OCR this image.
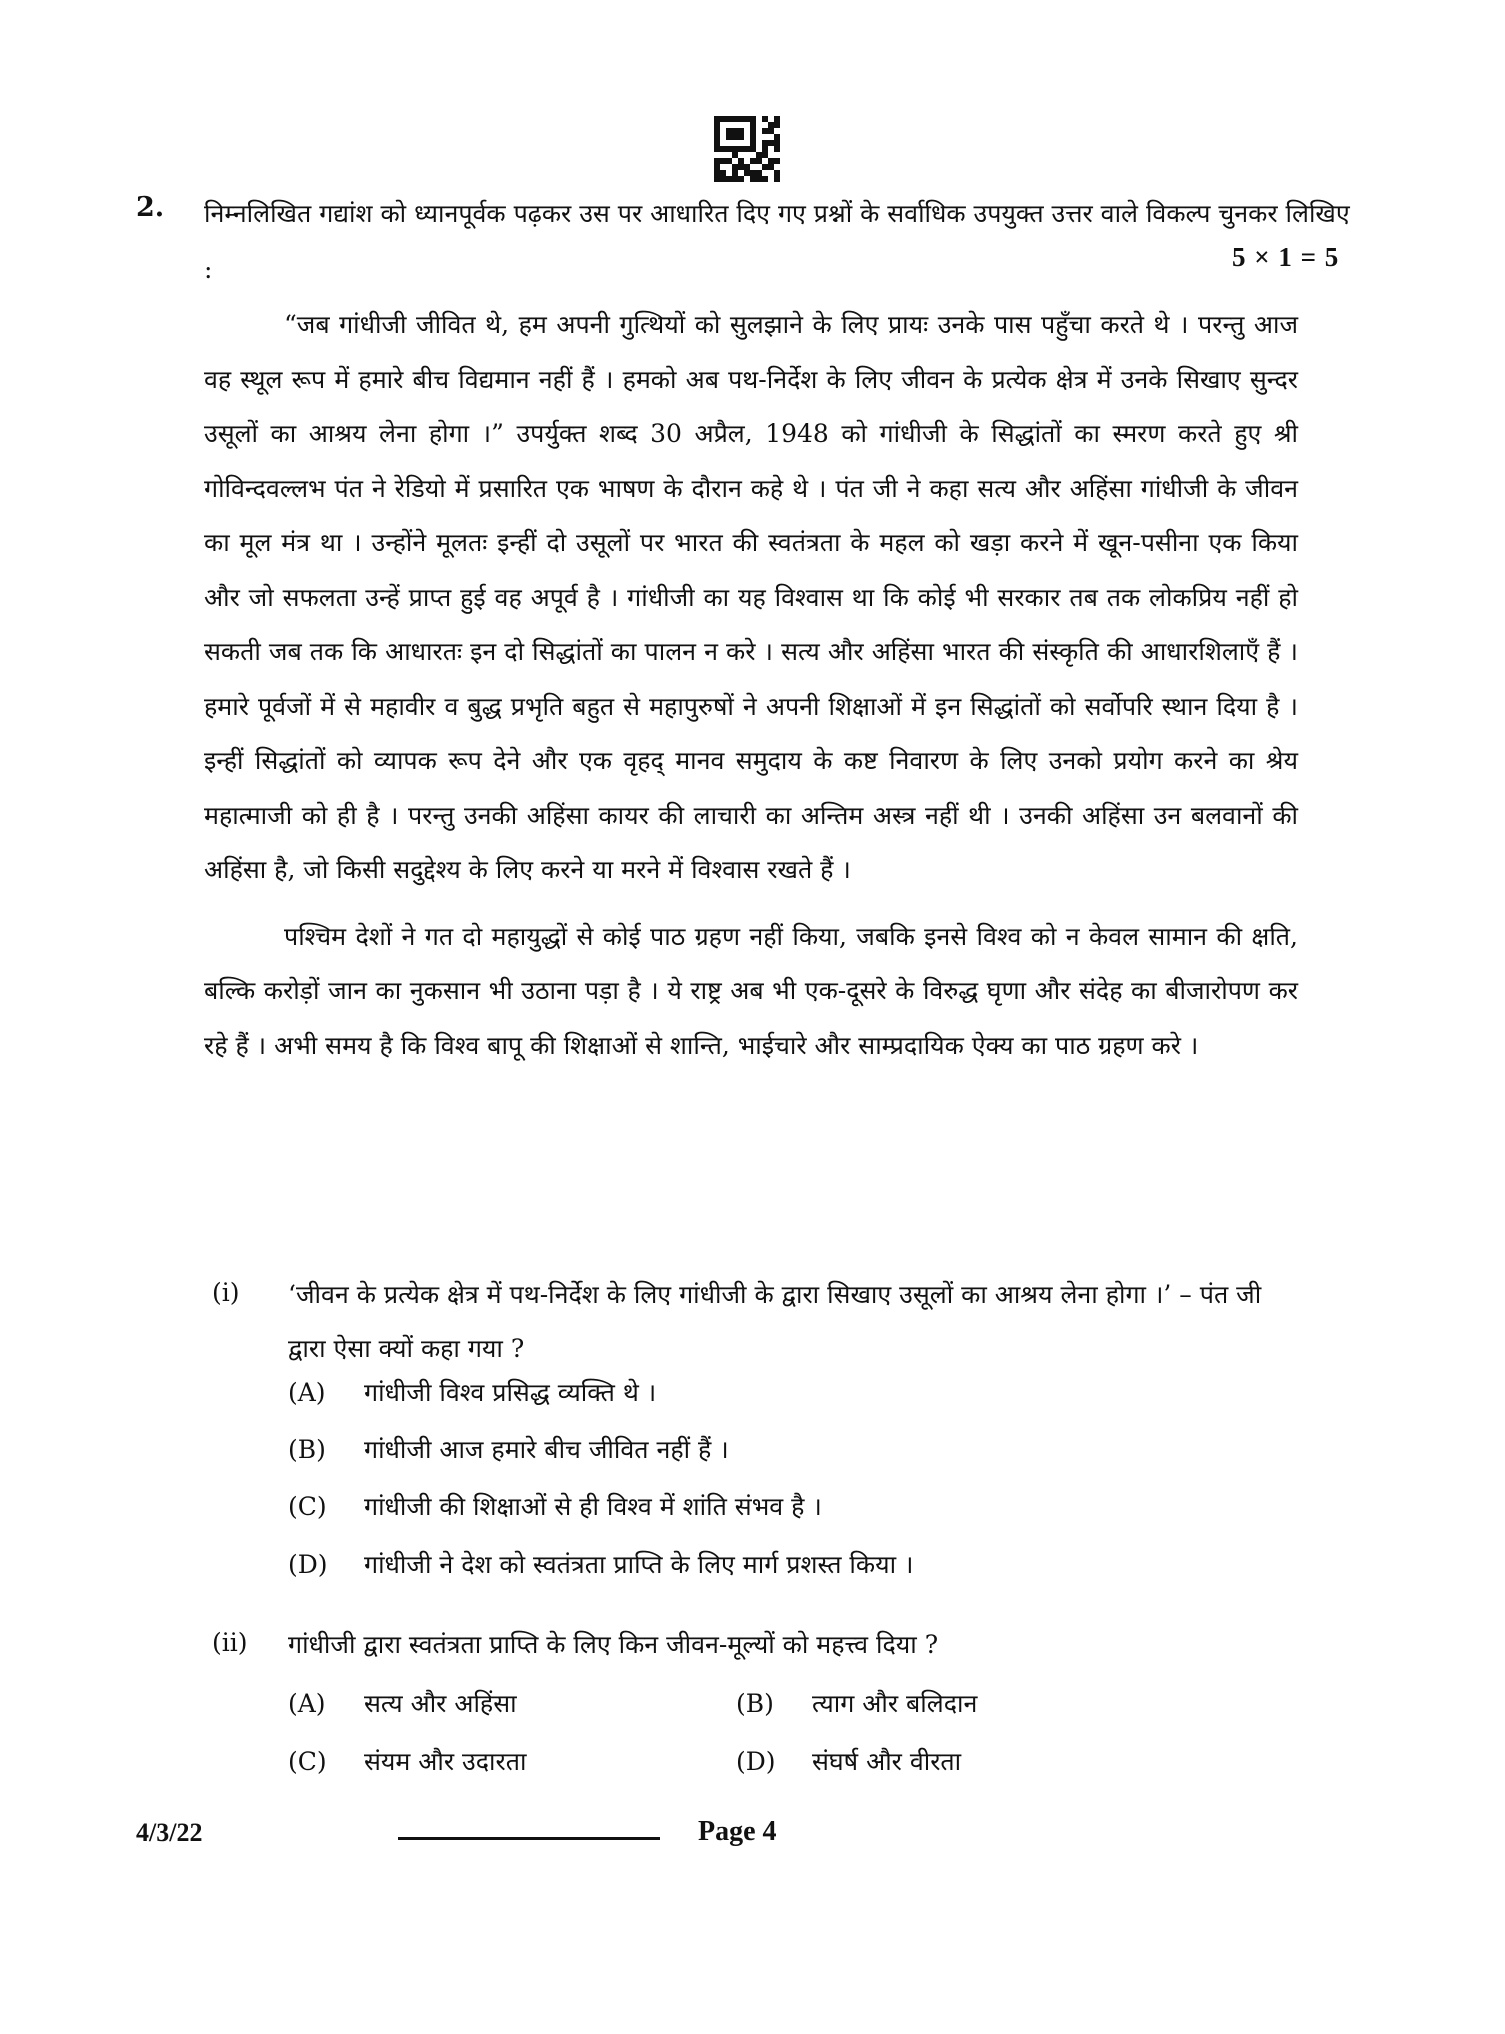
2. निम्नलिखित गद्यांश को ध्यानपूर्वक पढ़कर उस पर आधारित दिए गए प्रश्नों के सर्वाधिक उपयुक्त उत्तर वाले विकल्प चुनकर लिखिए :	5 × 1 = 5

“जब गांधीजी जीवित थे, हम अपनी गुत्थियों को सुलझाने के लिए प्रायः उनके पास पहुँचा करते थे । परन्तु आज वह स्थूल रूप में हमारे बीच विद्यमान नहीं हैं । हमको अब पथ-निर्देश के लिए जीवन के प्रत्येक क्षेत्र में उनके सिखाए सुन्दर उसूलों का आश्रय लेना होगा ।” उपर्युक्त शब्द 30 अप्रैल, 1948 को गांधीजी के सिद्धांतों का स्मरण करते हुए श्री गोविन्दवल्लभ पंत ने रेडियो में प्रसारित एक भाषण के दौरान कहे थे । पंत जी ने कहा सत्य और अहिंसा गांधीजी के जीवन का मूल मंत्र था । उन्होंने मूलतः इन्हीं दो उसूलों पर भारत की स्वतंत्रता के महल को खड़ा करने में खून-पसीना एक किया और जो सफलता उन्हें प्राप्त हुई वह अपूर्व है । गांधीजी का यह विश्वास था कि कोई भी सरकार तब तक लोकप्रिय नहीं हो सकती जब तक कि आधारतः इन दो सिद्धांतों का पालन न करे । सत्य और अहिंसा भारत की संस्कृति की आधारशिलाएँ हैं । हमारे पूर्वजों में से महावीर व बुद्ध प्रभृति बहुत से महापुरुषों ने अपनी शिक्षाओं में इन सिद्धांतों को सर्वोपरि स्थान दिया है । इन्हीं सिद्धांतों को व्यापक रूप देने और एक वृहद् मानव समुदाय के कष्ट निवारण के लिए उनको प्रयोग करने का श्रेय महात्माजी को ही है । परन्तु उनकी अहिंसा कायर की लाचारी का अन्तिम अस्त्र नहीं थी । उनकी अहिंसा उन बलवानों की अहिंसा है, जो किसी सदुद्देश्य के लिए करने या मरने में विश्वास रखते हैं ।

पश्चिम देशों ने गत दो महायुद्धों से कोई पाठ ग्रहण नहीं किया, जबकि इनसे विश्व को न केवल सामान की क्षति, बल्कि करोड़ों जान का नुकसान भी उठाना पड़ा है । ये राष्ट्र अब भी एक-दूसरे के विरुद्ध घृणा और संदेह का बीजारोपण कर रहे हैं । अभी समय है कि विश्व बापू की शिक्षाओं से शान्ति, भाईचारे और साम्प्रदायिक ऐक्य का पाठ ग्रहण करे ।

(i) ‘जीवन के प्रत्येक क्षेत्र में पथ-निर्देश के लिए गांधीजी के द्वारा सिखाए उसूलों का आश्रय लेना होगा ।’ – पंत जी द्वारा ऐसा क्यों कहा गया ?
(A) गांधीजी विश्व प्रसिद्ध व्यक्ति थे ।
(B) गांधीजी आज हमारे बीच जीवित नहीं हैं ।
(C) गांधीजी की शिक्षाओं से ही विश्व में शांति संभव है ।
(D) गांधीजी ने देश को स्वतंत्रता प्राप्ति के लिए मार्ग प्रशस्त किया ।
(ii) गांधीजी द्वारा स्वतंत्रता प्राप्ति के लिए किन जीवन-मूल्यों को महत्त्व दिया ?
(A) सत्य और अहिंसा	(B) त्याग और बलिदान
(C) संयम और उदारता	(D) संघर्ष और वीरता
4/3/22	Page 4
